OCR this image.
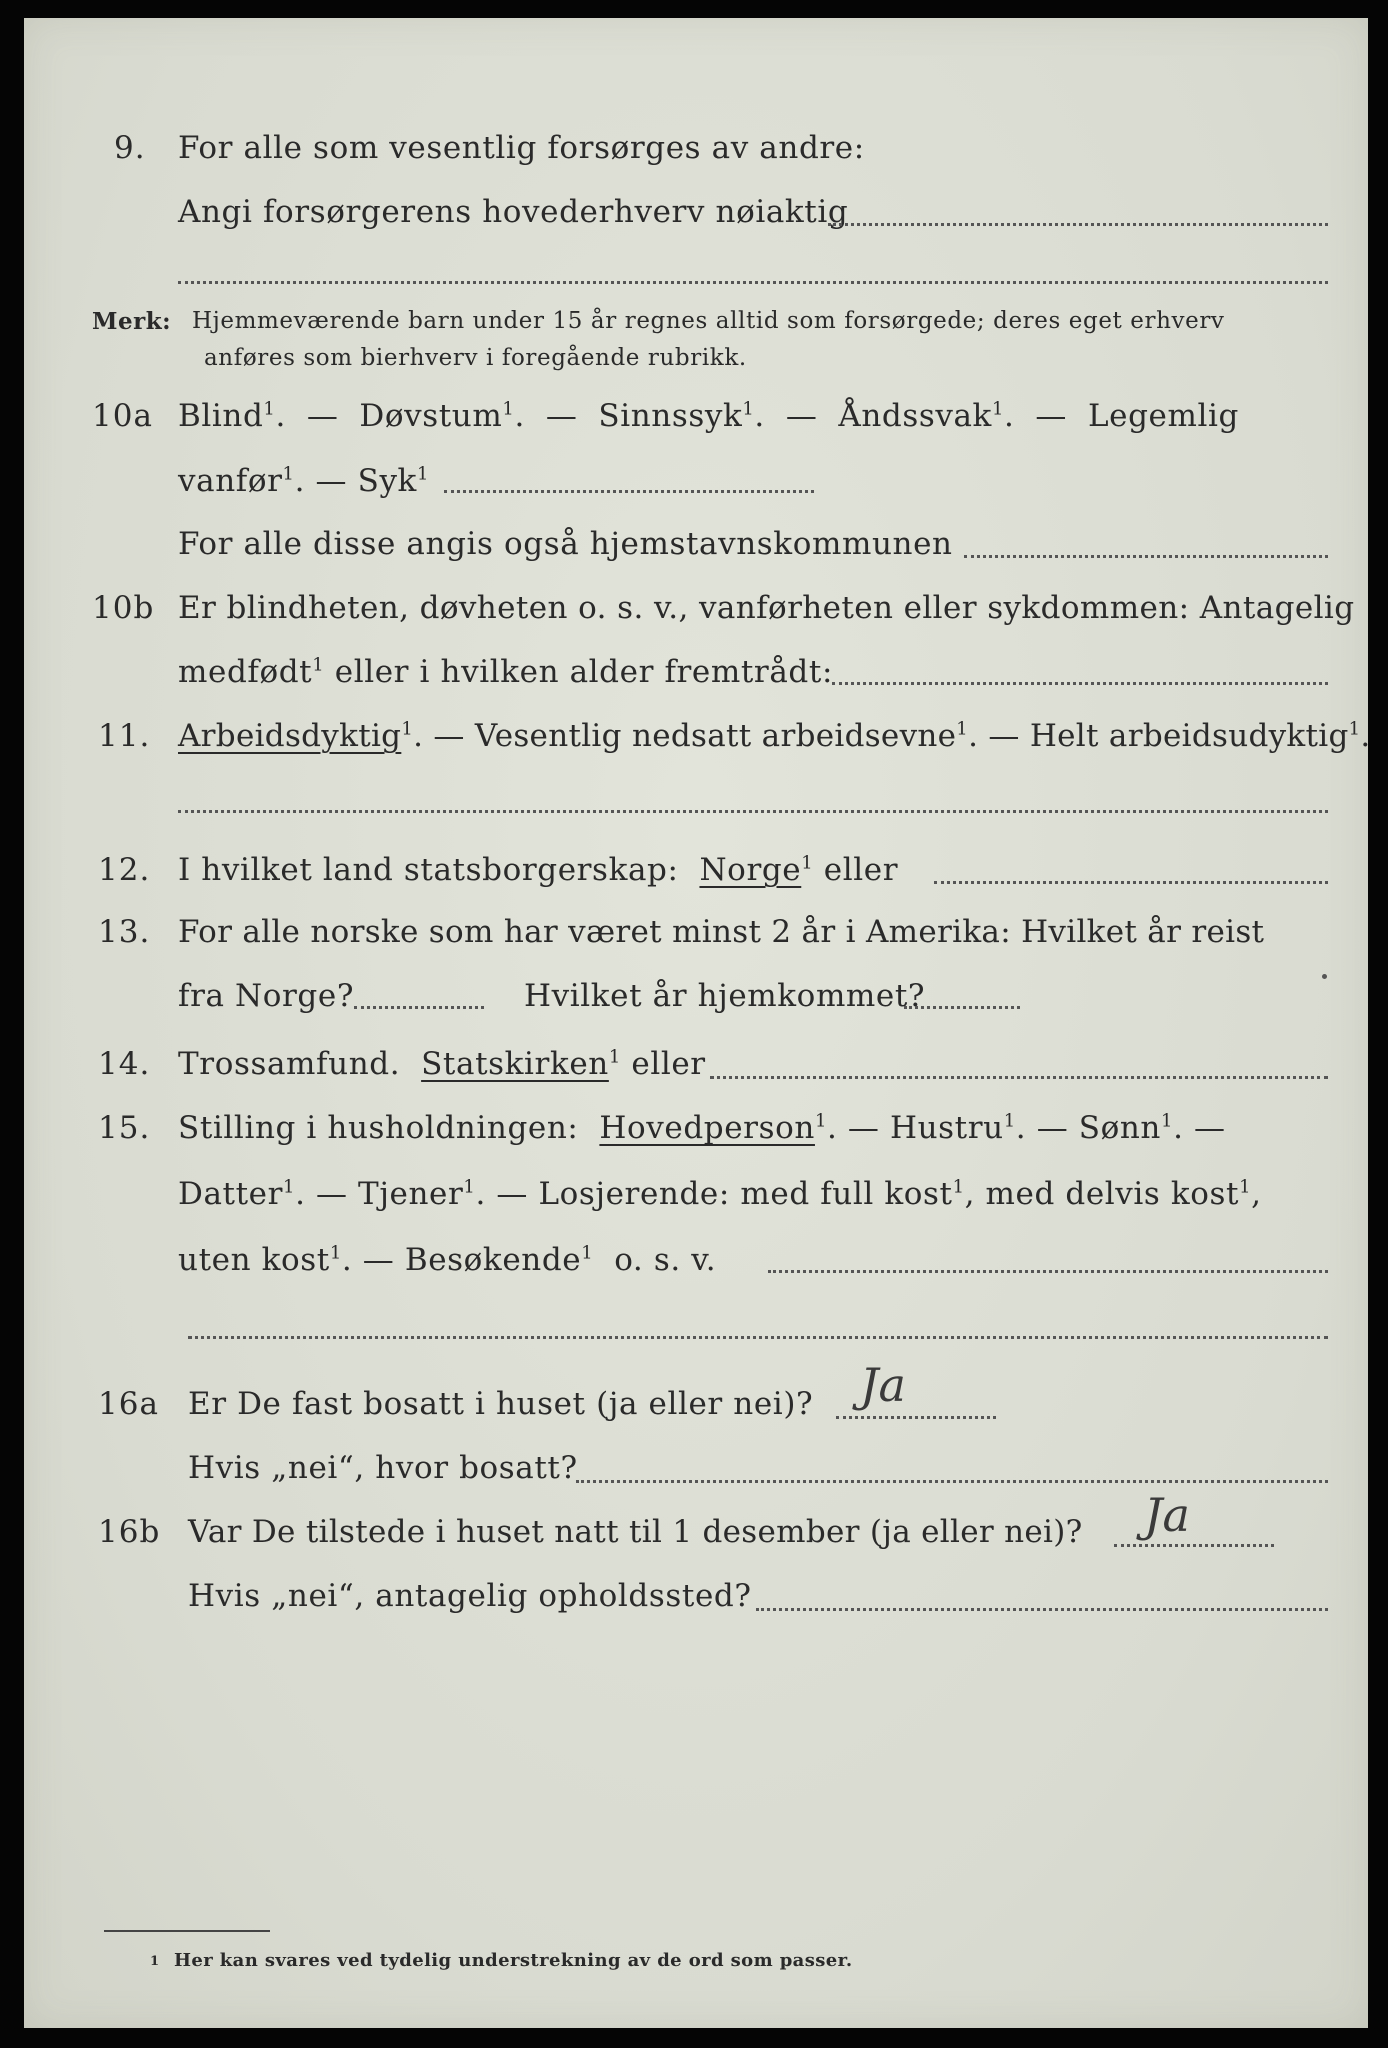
9. For alle som vesentlig forsørges av andre:
Angi forsørgerens hovederhverv nøiaktig
Merk: Hjemmeværende barn under 15 år regnes alltid som forsørgede; deres eget erhverv
anføres som bierhverv i foregående rubrikk.
10a Blind$^1$. — Døvstum$^1$. — Sinnssyk$^1$. — Åndssvak$^1$. — Legemlig
vanfør$^1$. — Syk$^1$
For alle disse angis også hjemstavnskommunen
10b Er blindheten, døvheten o. s. v., vanførheten eller sykdommen: Antagelig
medfødt$^1$ eller i hvilken alder fremtrådt:
11. Arbeidsdyktig$^1$. — Vesentlig nedsatt arbeidsevne$^1$. — Helt arbeidsudyktig$^1$.
12. I hvilket land statsborgerskap: Norge$^1$ eller
13. For alle norske som har været minst 2 år i Amerika: Hvilket år reist
fra Norge?	Hvilket år hjemkommet?
14. Trossamfund. Statskirken$^1$ eller
15. Stilling i husholdningen: Hovedperson$^1$. — Hustru$^1$. — Sønn$^1$. —
Datter$^1$. — Tjener$^1$. — Losjerende: med full kost$^1$, med delvis kost$^1$,
uten kost$^1$. — Besøkende$^1$ o. s. v.
16a Er De fast bosatt i huset (ja eller nei)? Ja
Hvis „nei“, hvor bosatt?
16b Var De tilstede i huset natt til 1 desember (ja eller nei)? Ja
Hvis „nei“, antagelig opholdssted?
1 Her kan svares ved tydelig understrekning av de ord som passer.
